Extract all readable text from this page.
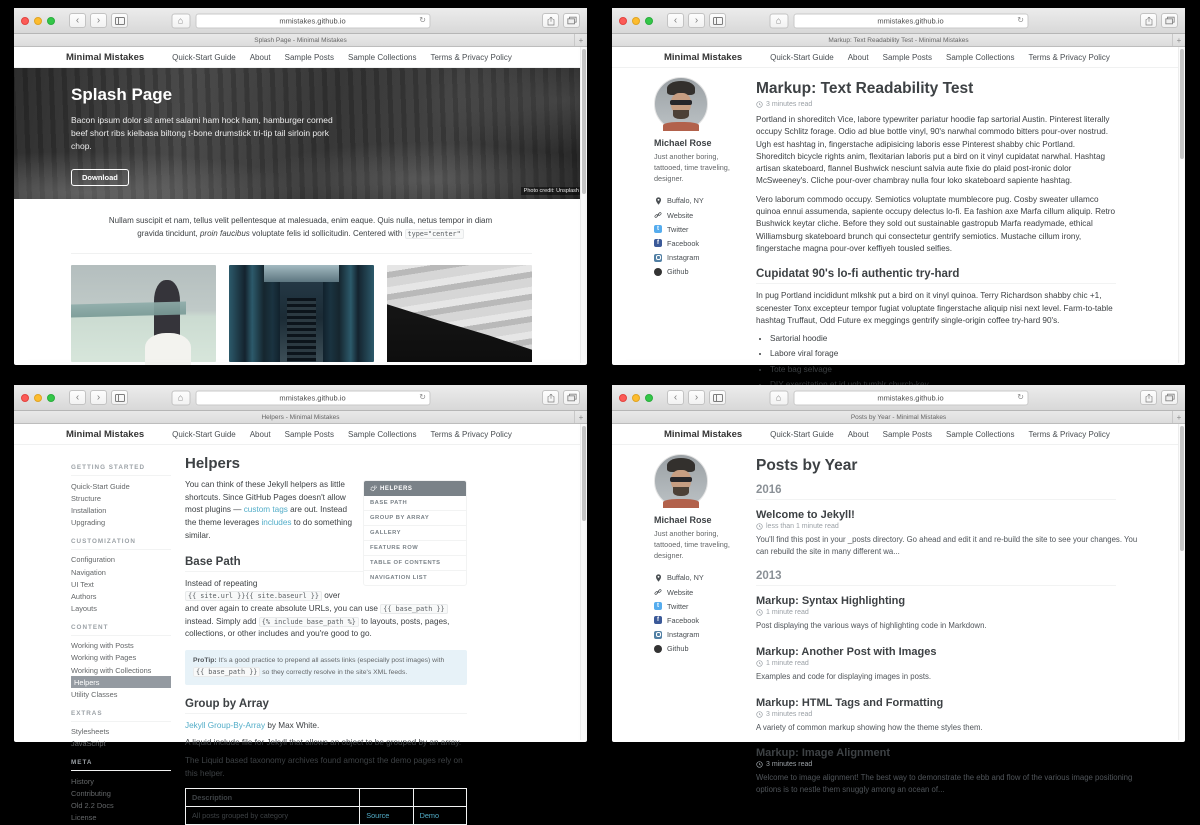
‹	›	⌂	mmistakes.github.io	↻
Splash Page - Minimal Mistakes	+
Minimal Mistakes	Quick-Start Guide About Sample Posts Sample Collections Terms & Privacy Policy
Splash Page
Bacon ipsum dolor sit amet salami ham hock ham, hamburger corned beef short ribs kielbasa biltong t-bone drumstick tri-tip tail sirloin pork chop.
Download
Photo credit: Unsplash
Nullam suscipit et nam, tellus velit pellentesque at malesuada, enim eaque. Quis nulla, netus tempor in diam gravida tincidunt, proin faucibus voluptate felis id sollicitudin. Centered with type="center"
‹	›	⌂	mmistakes.github.io	↻
Markup: Text Readability Test - Minimal Mistakes	+
Minimal Mistakes	Quick-Start Guide About Sample Posts Sample Collections Terms & Privacy Policy
Michael Rose
Just another boring, tattooed, time traveling, designer.
Buffalo, NY
Website
t
Twitter
f
Facebook
Instagram
Github
Markup: Text Readability Test
3 minutes read

Portland in shoreditch Vice, labore typewriter pariatur hoodie fap sartorial Austin. Pinterest literally occupy Schlitz forage. Odio ad blue bottle vinyl, 90's narwhal commodo bitters pour-over nostrud. Ugh est hashtag in, fingerstache adipisicing laboris esse Pinterest shabby chic Portland. Shoreditch bicycle rights anim, flexitarian laboris put a bird on it vinyl cupidatat narwhal. Hashtag artisan skateboard, flannel Bushwick nesciunt salvia aute fixie do plaid post-ironic dolor McSweeney's. Cliche pour-over chambray nulla four loko skateboard sapiente hashtag.

Vero laborum commodo occupy. Semiotics voluptate mumblecore pug. Cosby sweater ullamco quinoa ennui assumenda, sapiente occupy delectus lo-fi. Ea fashion axe Marfa cillum aliquip. Retro Bushwick keytar cliche. Before they sold out sustainable gastropub Marfa readymade, ethical Williamsburg skateboard brunch qui consectetur gentrify semiotics. Mustache cillum irony, fingerstache magna pour-over keffiyeh tousled selfies.

Cupidatat 90's lo-fi authentic try-hard

In pug Portland incididunt mlkshk put a bird on it vinyl quinoa. Terry Richardson shabby chic +1, scenester Tonx excepteur tempor fugiat voluptate fingerstache aliquip nisi next level. Farm-to-table hashtag Truffaut, Odd Future ex meggings gentrify single-origin coffee try-hard 90's.

• Sartorial hoodie
• Labore viral forage
• Tote bag selvage
•
‹	›	⌂	mmistakes.github.io	↻
Helpers - Minimal Mistakes	+
Minimal Mistakes	Quick-Start Guide About Sample Posts Sample Collections Terms & Privacy Policy
GETTING STARTED
Quick-Start Guide
Structure
Installation
Upgrading
CUSTOMIZATION
Configuration
Navigation
UI Text
Authors
Layouts
CONTENT
Working with Posts
Working with Pages
Working with Collections
Helpers
Utility Classes
EXTRAS
Stylesheets
JavaScript
META
History
Contributing
Old 2.2 Docs
License
Helpers
HELPERS
BASE PATH
GROUP BY ARRAY
GALLERY
FEATURE ROW
TABLE OF CONTENTS
NAVIGATION LIST

You can think of these Jekyll helpers as little shortcuts. Since GitHub Pages doesn't allow most plugins — custom tags are out. Instead the theme leverages includes to do something similar.

Base Path

Instead of repeating {{ site.url }}{{ site.baseurl }} over and over again to create absolute URLs, you can use {{ base_path }} instead. Simply add {% include base_path %} to layouts, posts, pages, collections, or other includes and you're good to go.

ProTip: It's a good practice to prepend all assets links (especially post images) with {{ base_path }} so they correctly resolve in the site's XML feeds.
Group by Array

Jekyll Group-By-Array by Max White.

A liquid include file for Jekyll that allows an object to be grouped by an array.

The Liquid based taxonomy archives found amongst the demo pages rely on this helper.

Description		
All posts grouped by category	Source	Demo
‹	›	⌂	mmistakes.github.io	↻
Posts by Year - Minimal Mistakes	+
Minimal Mistakes	Quick-Start Guide About Sample Posts Sample Collections Terms & Privacy Policy
Michael Rose
Just another boring, tattooed, time traveling, designer.
Buffalo, NY
Website
t
Twitter
f
Facebook
Instagram
Github
Posts by Year
2016
Welcome to Jekyll!
less than 1 minute read
You'll find this post in your _posts directory. Go ahead and edit it and re-build the site to see your changes. You can rebuild the site in many different wa...
2013
Markup: Syntax Highlighting
1 minute read
Post displaying the various ways of highlighting code in Markdown.
Markup: Another Post with Images
1 minute read
Examples and code for displaying images in posts.
Markup: HTML Tags and Formatting
3 minutes read
A variety of common markup showing how the theme styles them.
Markup: Image Alignment
3 minutes read
Welcome to image alignment! The best way to demonstrate the ebb and flow of the various image positioning options is to nestle them snuggly among an ocean of...
